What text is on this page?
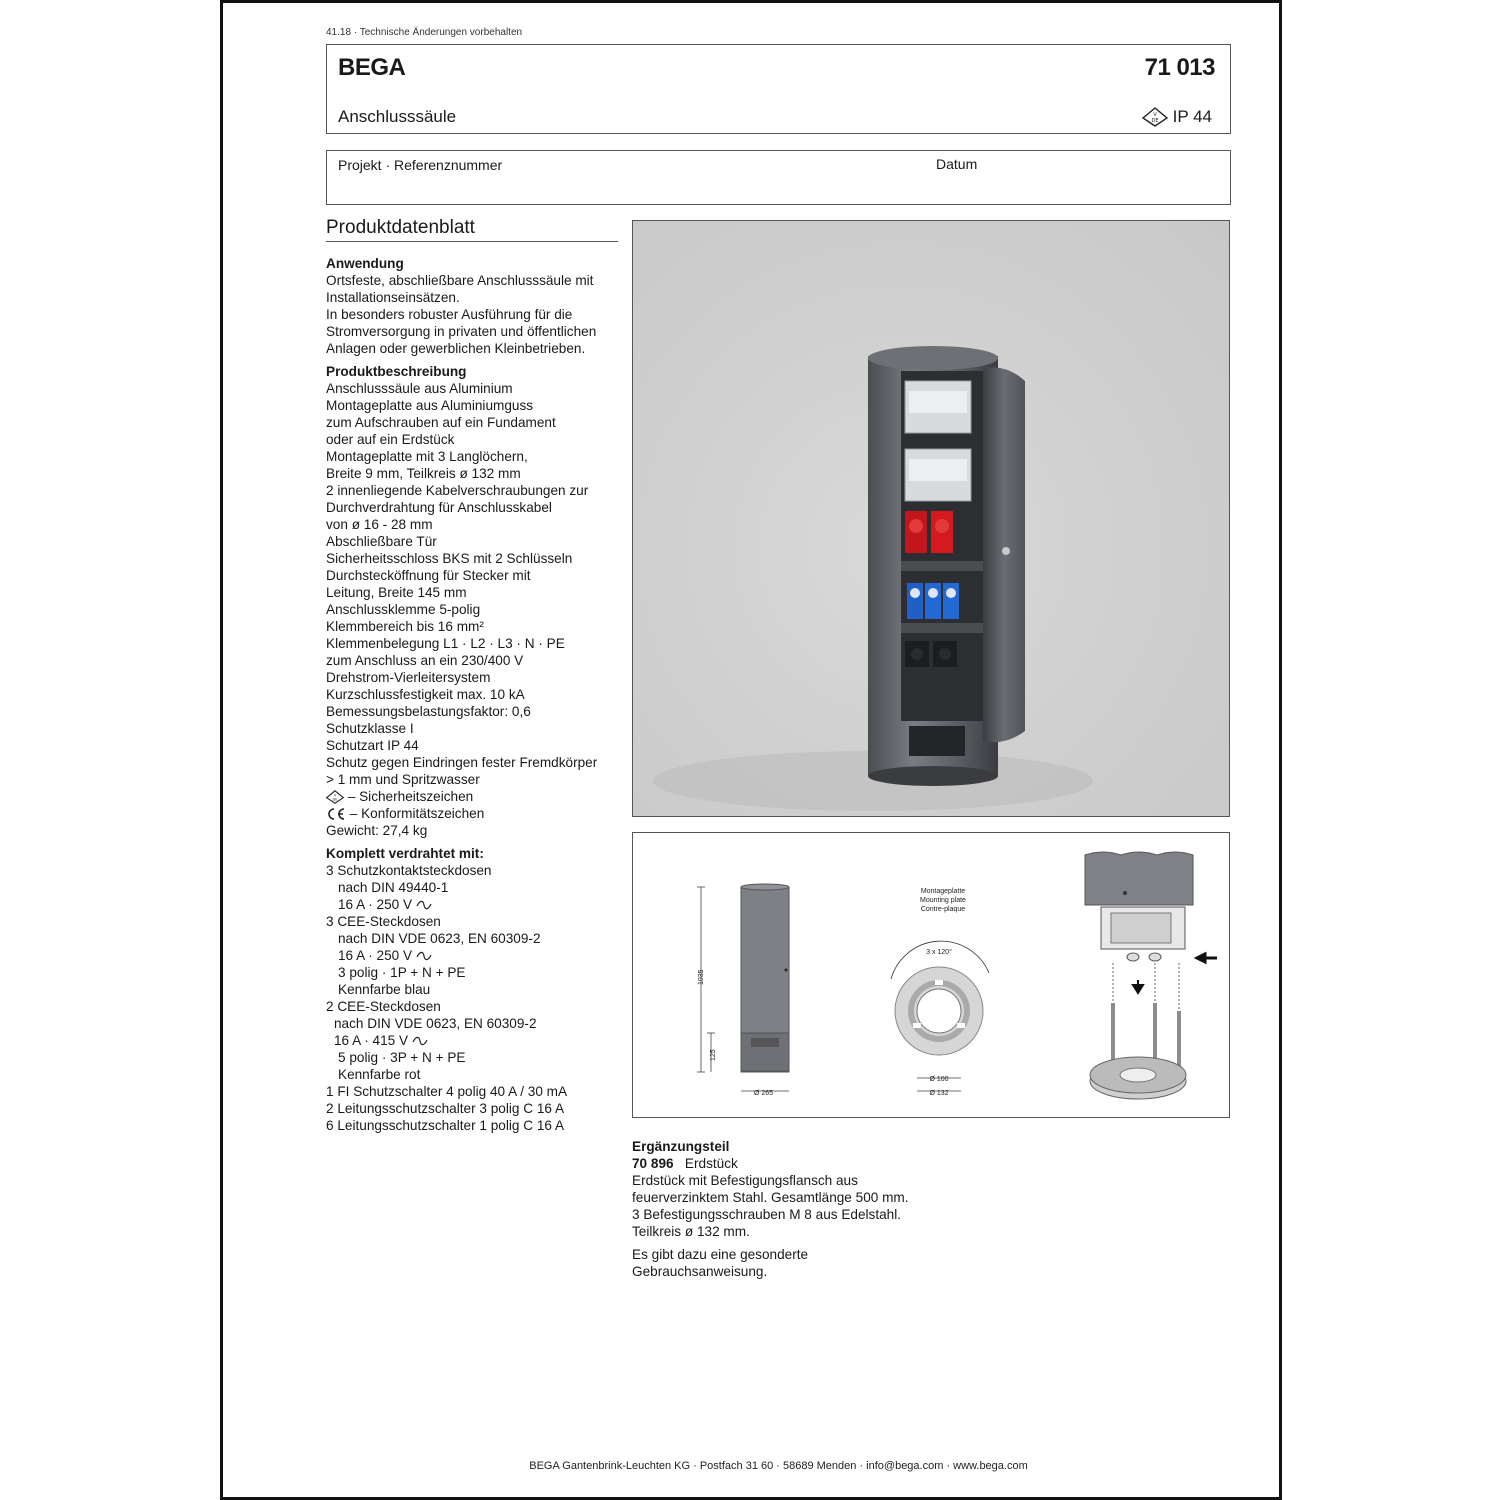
41.18 · Technische Änderungen vorbehalten
BEGA	71 013
Anschlusssäule	V
DE IP 44
Projekt · Referenznummer	Datum
Produktdatenblatt

Anwendung

Ortsfeste, abschließbare Anschlusssäule mit

Installationseinsätzen.

In besonders robuster Ausführung für die

Stromversorgung in privaten und öffentlichen

Anlagen oder gewerblichen Kleinbetrieben.

Produktbeschreibung

Anschlusssäule aus Aluminium

Montageplatte aus Aluminiumguss

zum Aufschrauben auf ein Fundament

oder auf ein Erdstück

Montageplatte mit 3 Langlöchern,

Breite 9 mm, Teilkreis ø 132 mm

2 innenliegende Kabelverschraubungen zur

Durchverdrahtung für Anschlusskabel

von ø 16 - 28 mm

Abschließbare Tür

Sicherheitsschloss BKS mit 2 Schlüsseln

Durchstecköffnung für Stecker mit

Leitung, Breite 145 mm

Anschlussklemme 5-polig

Klemmbereich bis 16 mm²

Klemmenbelegung L1 · L2 · L3 · N · PE

zum Anschluss an ein 230/400 V

Drehstrom-Vierleitersystem

Kurzschlussfestigkeit max. 10 kA

Bemessungsbelastungsfaktor: 0,6

Schutzklasse I

Schutzart IP 44

Schutz gegen Eindringen fester Fremdkörper

> 1 mm und Spritzwasser

V
DE – Sicherheitszeichen

– Konformitätszeichen

Gewicht: 27,4 kg

Komplett verdrahtet mit:

3 Schutzkontaktsteckdosen

nach DIN 49440-1

16 A · 250 V

3 CEE-Steckdosen

nach DIN VDE 0623, EN 60309-2

16 A · 250 V

3 polig · 1P + N + PE

Kennfarbe blau

2 CEE-Steckdosen

nach DIN VDE 0623, EN 60309-2

16 A · 415 V

5 polig · 3P + N + PE

Kennfarbe rot

1 FI Schutzschalter 4 polig 40 A / 30 mA

2 Leitungsschutzschalter 3 polig C 16 A

6 Leitungsschutzschalter 1 polig C 16 A

1035
125
Ø 265
Montageplatte
Mounting plate
Contre-plaque
3 x 120°
Ø 100
Ø 132

Ergänzungsteil

70 896 Erdstück

Erdstück mit Befestigungsflansch aus

feuerverzinktem Stahl. Gesamtlänge 500 mm.

3 Befestigungsschrauben M 8 aus Edelstahl.

Teilkreis ø 132 mm.

Es gibt dazu eine gesonderte

Gebrauchsanweisung.

BEGA Gantenbrink-Leuchten KG · Postfach 31 60 · 58689 Menden · info@bega.com · www.bega.com
